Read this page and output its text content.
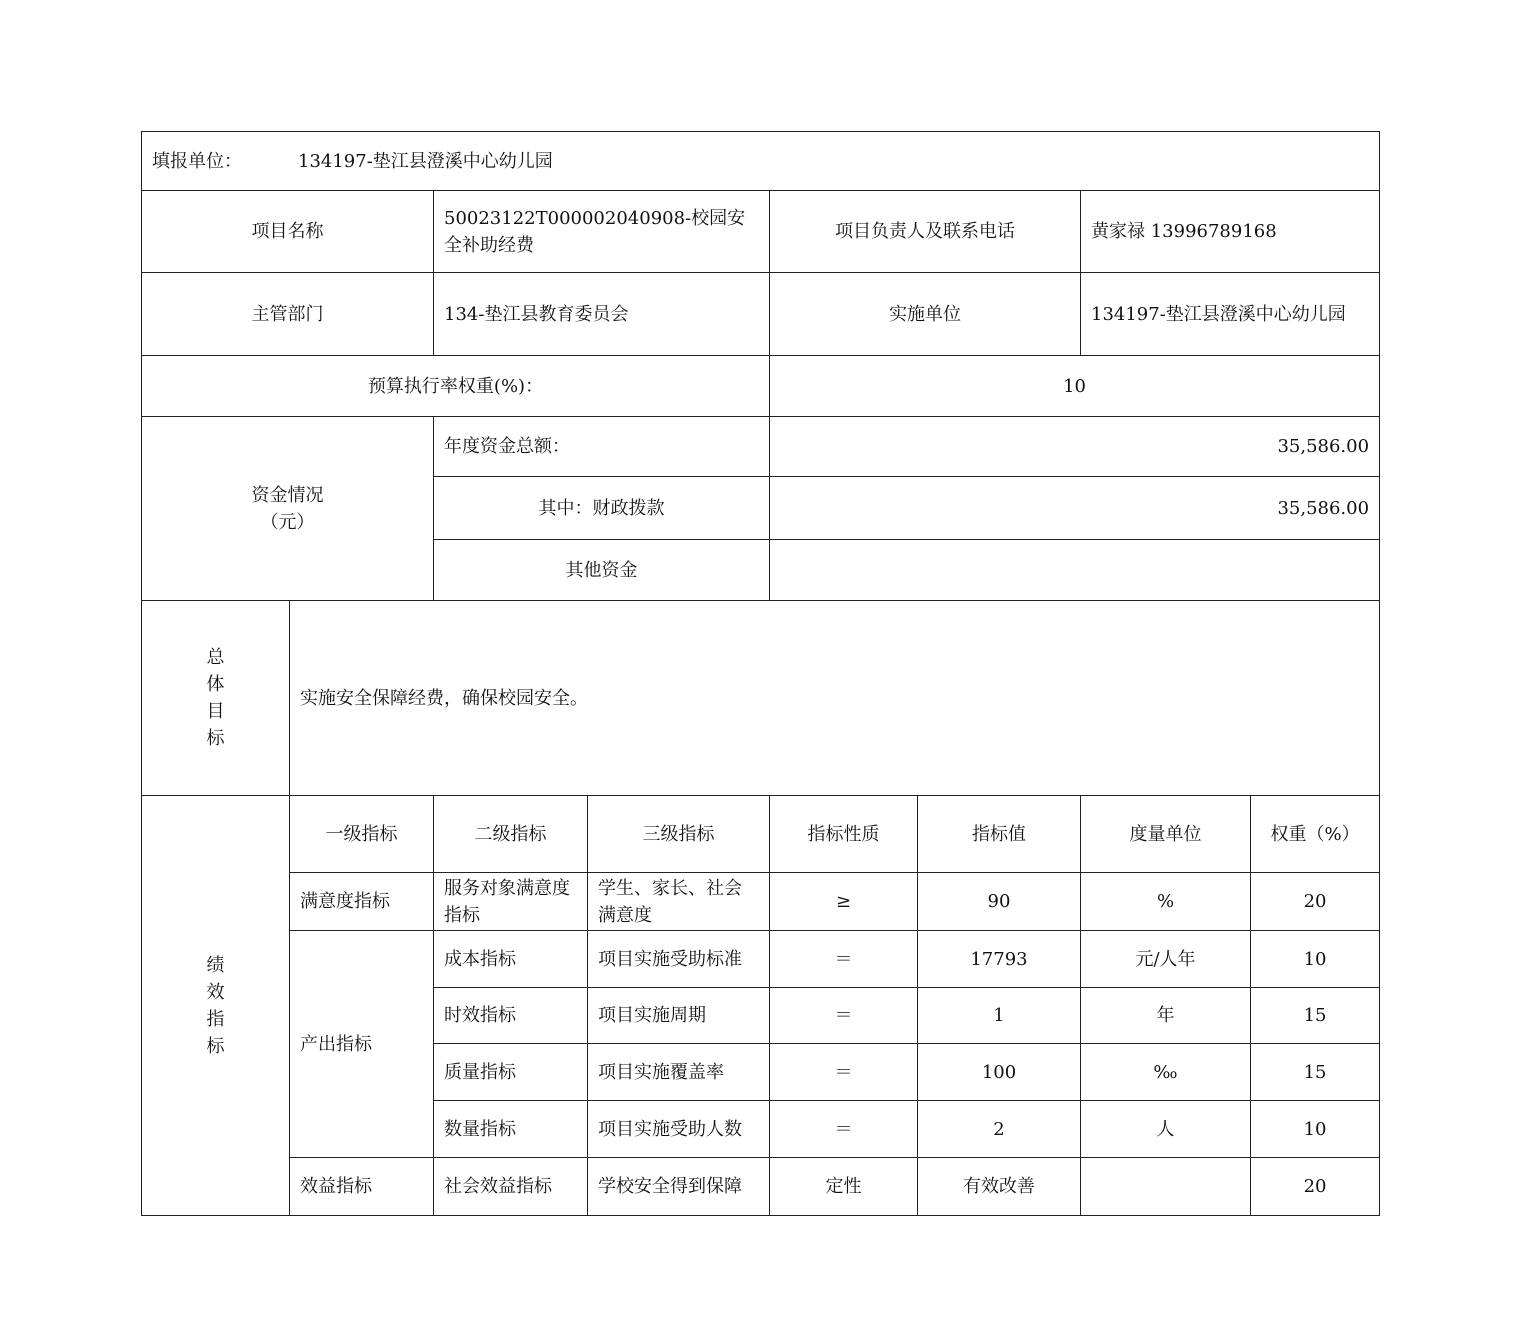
填报单位： 134197-垫江县澄溪中心幼儿园							
项目名称		50023122T000002040908-校园安全补助经费		项目负责人及联系电话		黄家禄 13996789168	
主管部门		134-垫江县教育委员会		实施单位		134197-垫江县澄溪中心幼儿园	
预算执行率权重(%)：				10			

资金情况
（元）		年度资金总额：		35,586.00			
		其中：财政拨款		35,586.00			
		其他资金					

总
体
目
标	实施安全保障经费，确保校园安全。						

绩
效
指
标	一级指标	二级指标	三级指标	指标性质	指标值	度量单位	权重（%）
	满意度指标	服务对象满意度指标	学生、家长、社会满意度	≥	90	%	20
	产出指标	成本指标	项目实施受助标准	＝	17793	元/人年	10
		时效指标	项目实施周期	＝	1	年	15
		质量指标	项目实施覆盖率	＝	100	‰	15
		数量指标	项目实施受助人数	＝	2	人	10
	效益指标	社会效益指标	学校安全得到保障	定性	有效改善		20
